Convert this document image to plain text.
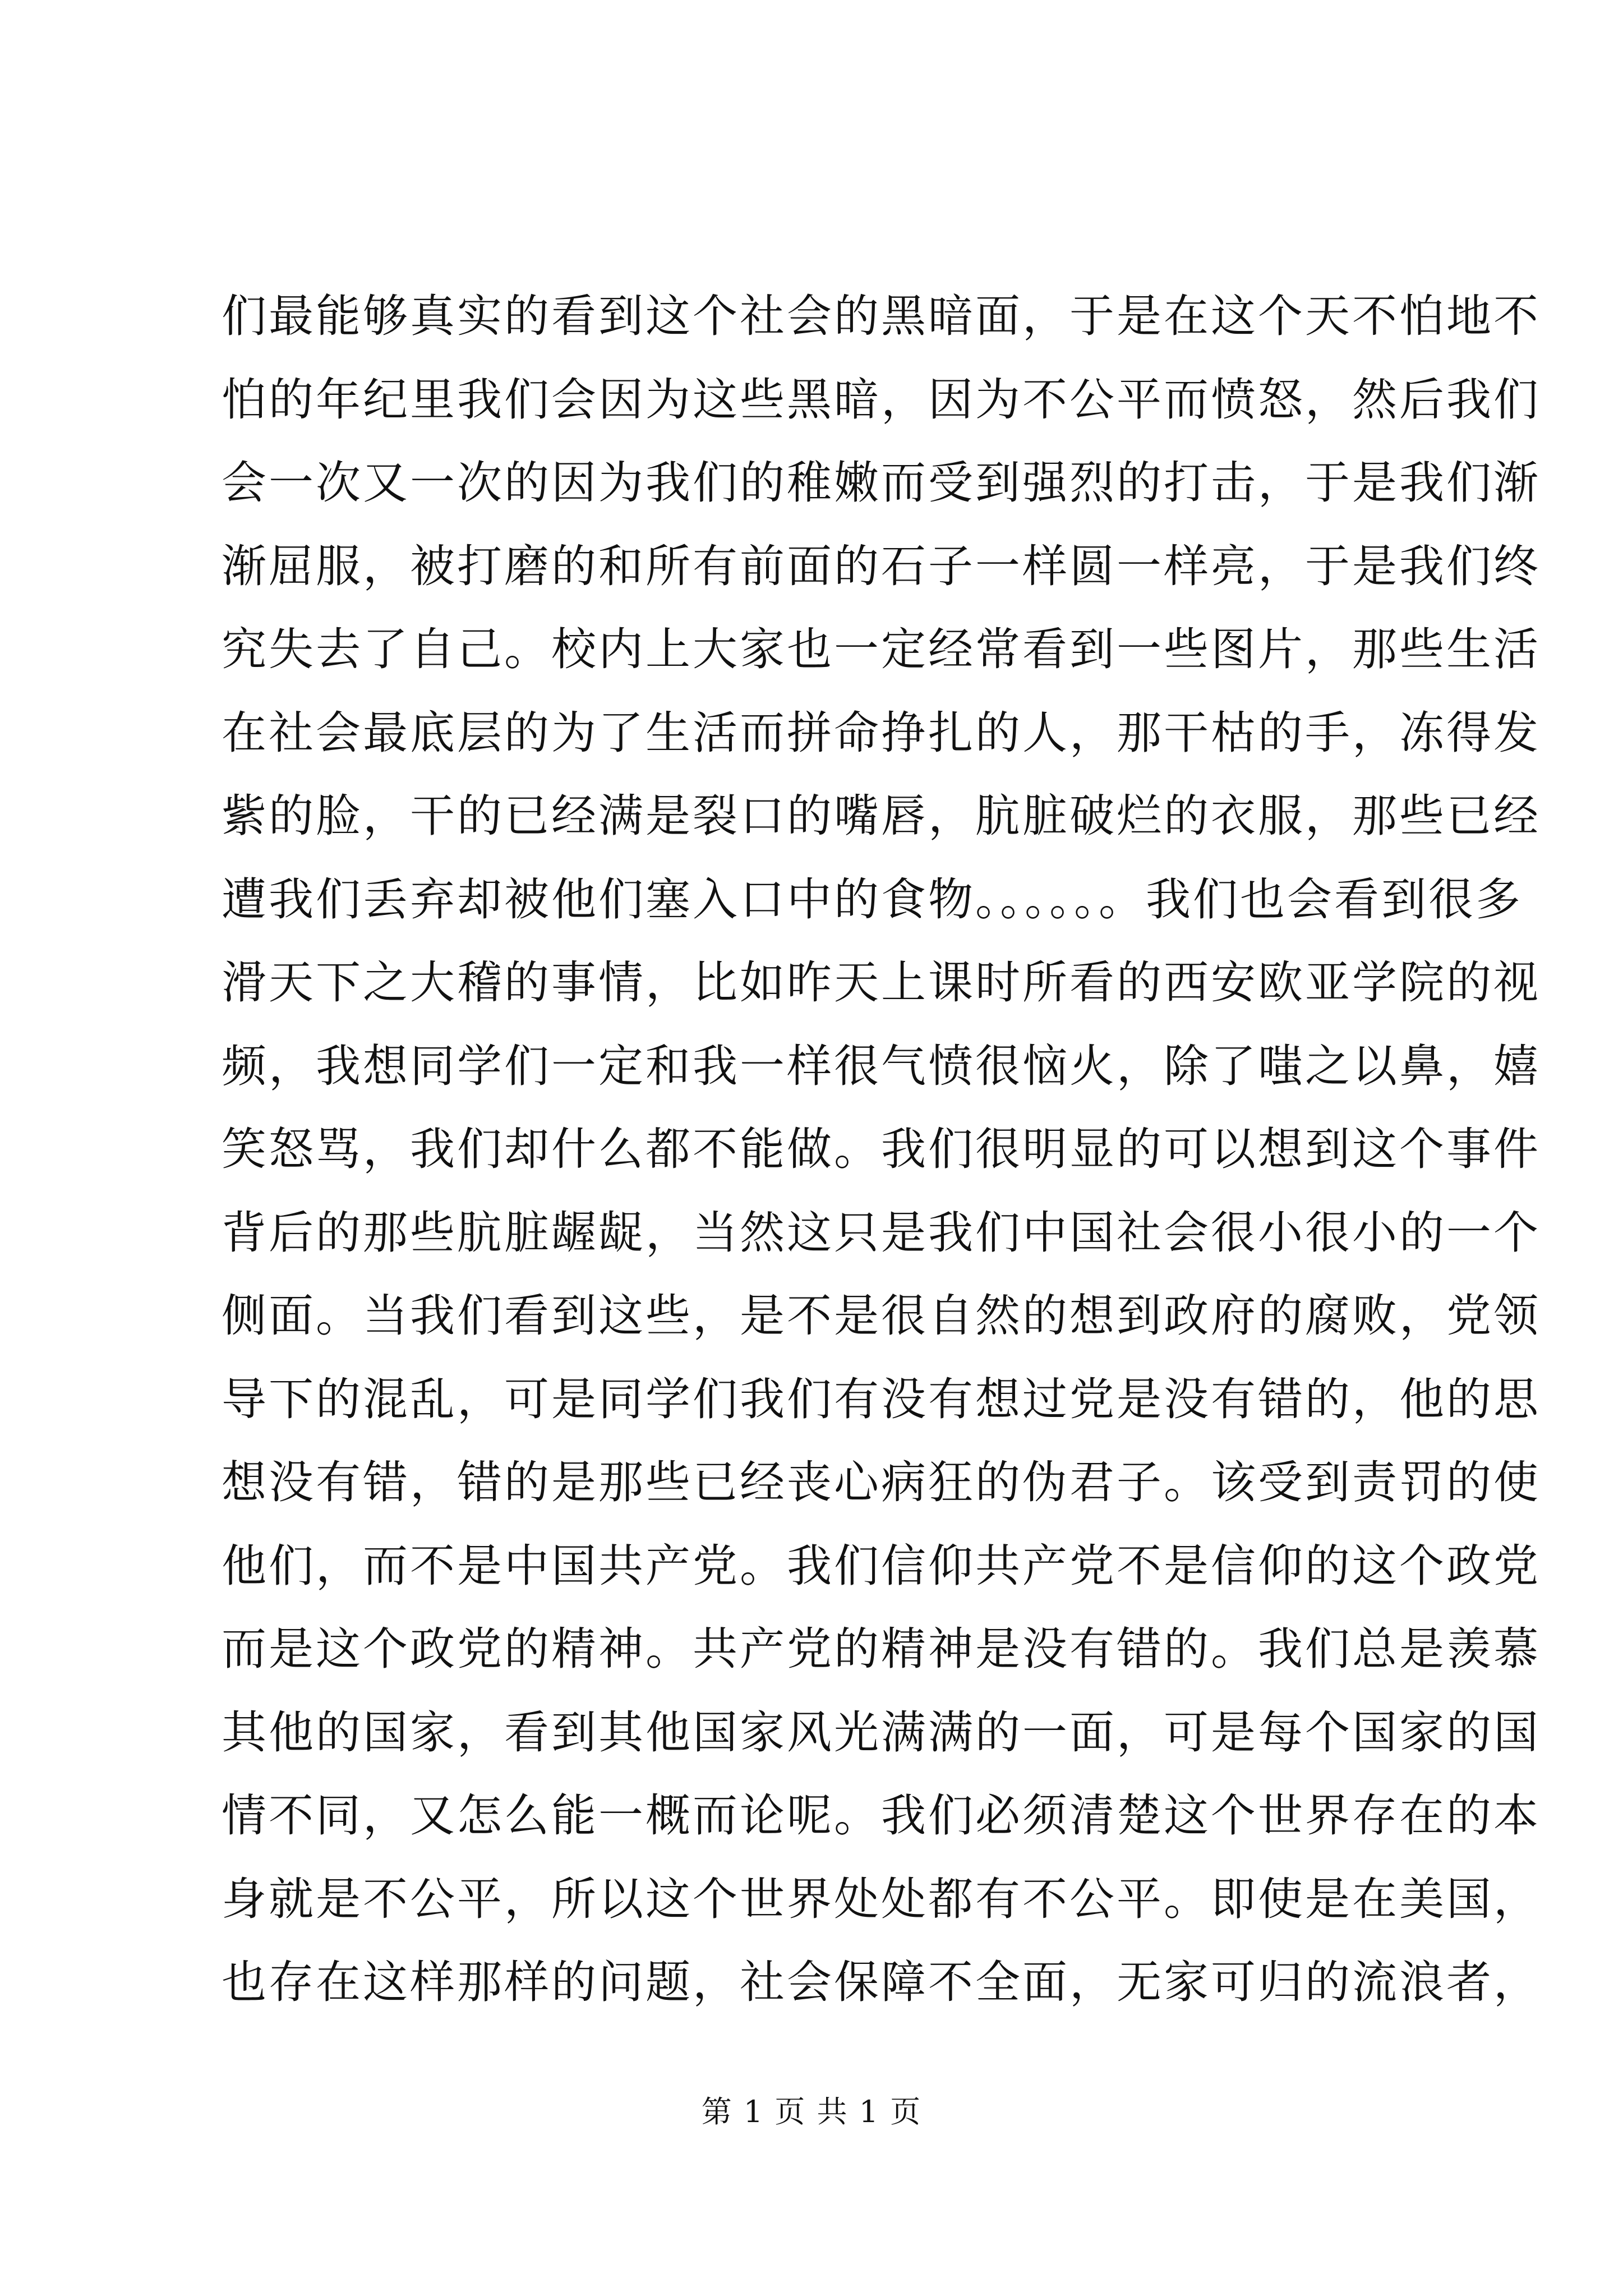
们最能够真实的看到这个社会的黑暗面，于是在这个天不怕地不
怕的年纪里我们会因为这些黑暗，因为不公平而愤怒，然后我们
会一次又一次的因为我们的稚嫩而受到强烈的打击，于是我们渐
渐屈服，被打磨的和所有前面的石子一样圆一样亮，于是我们终
究失去了自己。校内上大家也一定经常看到一些图片，那些生活
在社会最底层的为了生活而拼命挣扎的人，那干枯的手，冻得发
紫的脸，干的已经满是裂口的嘴唇，肮脏破烂的衣服，那些已经
遭我们丢弃却被他们塞入口中的食物。。。。。。我们也会看到很多
滑天下之大稽的事情，比如昨天上课时所看的西安欧亚学院的视
频，我想同学们一定和我一样很气愤很恼火，除了嗤之以鼻，嬉
笑怒骂，我们却什么都不能做。我们很明显的可以想到这个事件
背后的那些肮脏龌龊，当然这只是我们中国社会很小很小的一个
侧面。当我们看到这些，是不是很自然的想到政府的腐败，党领
导下的混乱，可是同学们我们有没有想过党是没有错的，他的思
想没有错，错的是那些已经丧心病狂的伪君子。该受到责罚的使
他们，而不是中国共产党。我们信仰共产党不是信仰的这个政党
而是这个政党的精神。共产党的精神是没有错的。我们总是羡慕
其他的国家，看到其他国家风光满满的一面，可是每个国家的国
情不同，又怎么能一概而论呢。我们必须清楚这个世界存在的本
身就是不公平，所以这个世界处处都有不公平。即使是在美国，
也存在这样那样的问题，社会保障不全面，无家可归的流浪者，
第 1 页 共 1 页
